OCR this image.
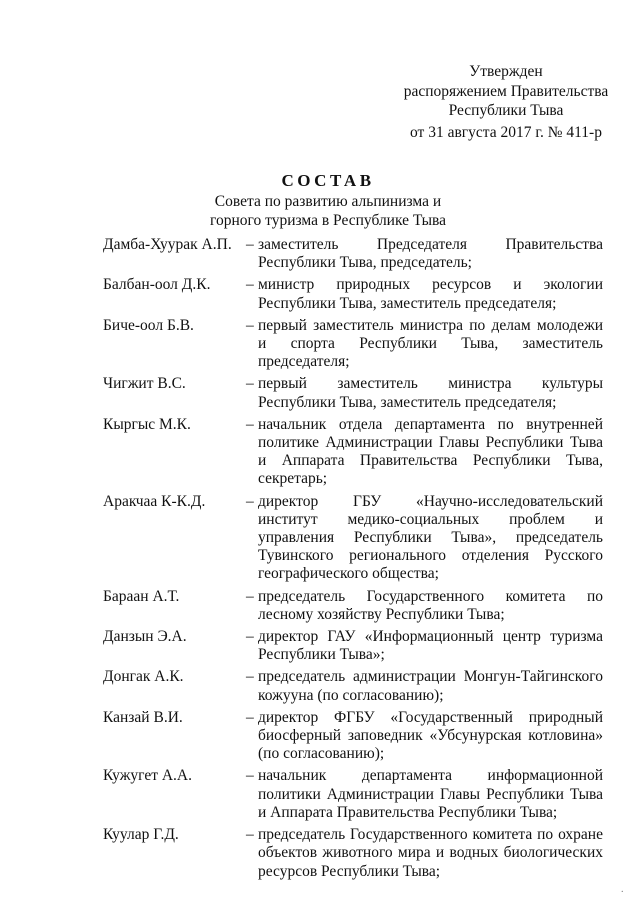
Утвержден
распоряжением Правительства
Республики Тыва
от 31 августа 2017 г. № 411-р
СОСТАВ
Совета по развитию альпинизма и
горного туризма в Республике Тыва
Дамба-Хуурак А.П. – заместитель Председателя Правительства Республики Тыва, председатель;
Балбан-оол Д.К.	– министр природных ресурсов и экологии Республики Тыва, заместитель председателя;
Биче-оол Б.В.	– первый заместитель министра по делам молодежи и спорта Республики Тыва, заместитель председателя;
Чигжит В.С.	– первый заместитель министра культуры Республики Тыва, заместитель председателя;
Кыргыс М.К.	– начальник отдела департамента по внутренней политике Администрации Главы Республики Тыва и Аппарата Правительства Республики Тыва, секретарь;
Аракчаа К-К.Д.	– директор ГБУ «Научно-исследовательский институт медико-социальных проблем и управления Республики Тыва», председатель Тувинского регионального отделения Русского географического общества;
Бараан А.Т.	– председатель Государственного комитета по лесному хозяйству Республики Тыва;
Данзын Э.А.	– директор ГАУ «Информационный центр туризма Республики Тыва»;
Донгак А.К.	– председатель администрации Монгун-Тайгинского кожууна (по согласованию);
Канзай В.И.	– директор ФГБУ «Государственный природный биосферный заповедник «Убсунурская котловина» (по согласованию);
Кужугет А.А.	– начальник департамента информационной политики Администрации Главы Республики Тыва и Аппарата Правительства Республики Тыва;
Куулар Г.Д.	– председатель Государственного комитета по охране объектов животного мира и водных биологических ресурсов Республики Тыва;
.
